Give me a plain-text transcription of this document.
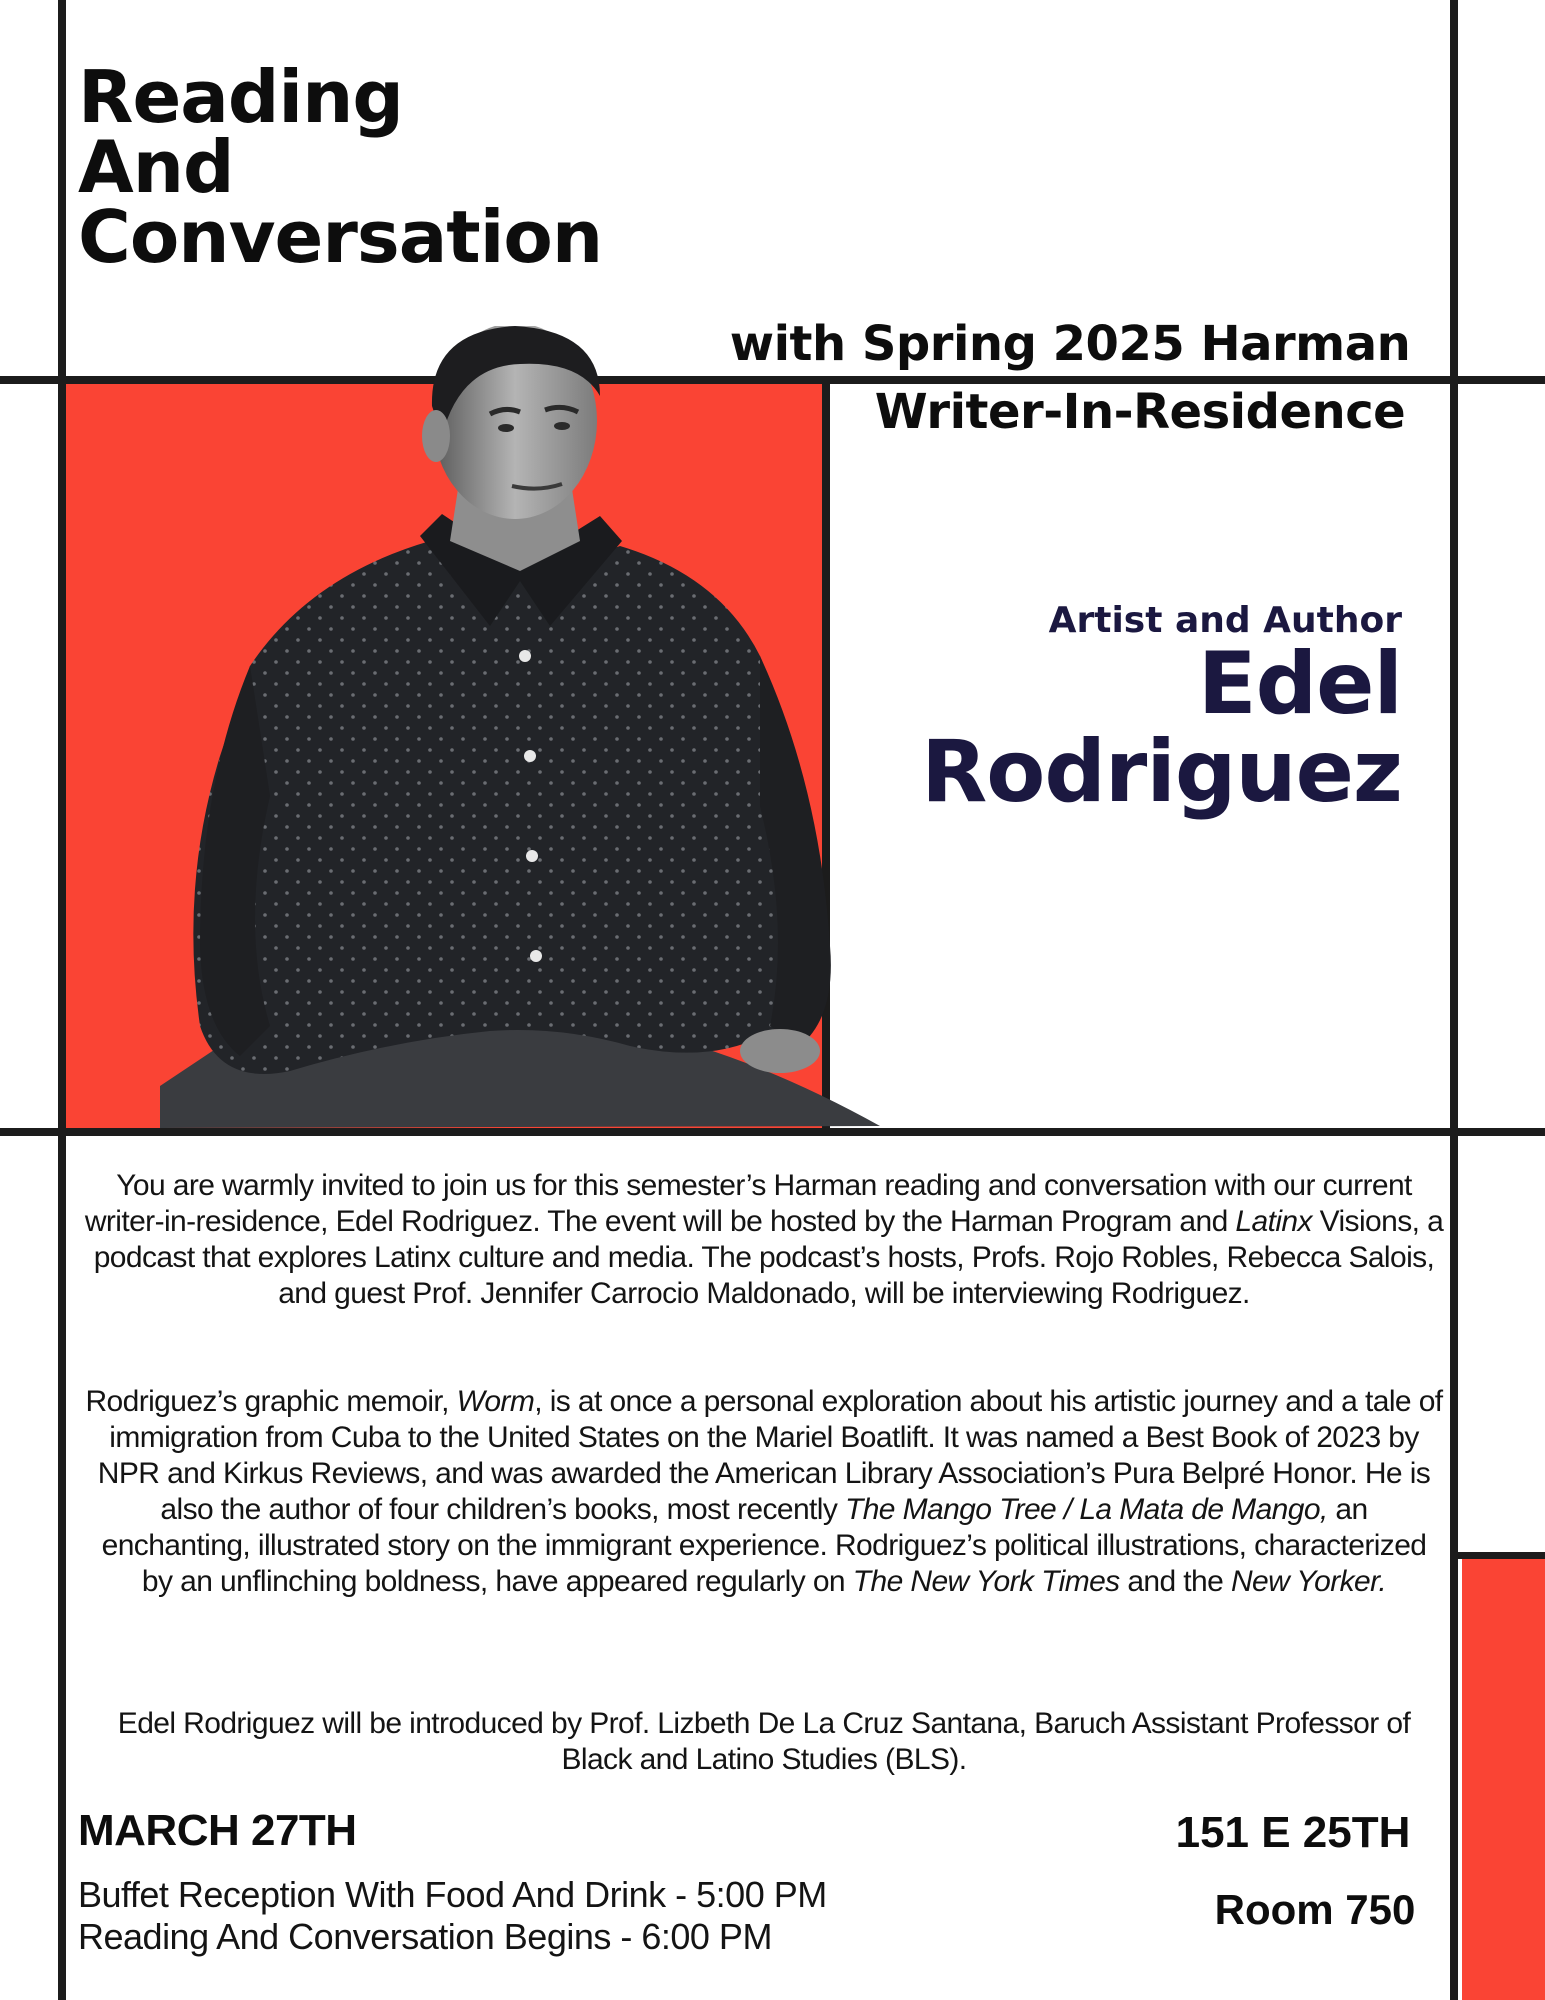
Reading
And
Conversation
with Spring 2025 Harman
Writer-In-Residence
Artist and Author
Edel
Rodriguez

You are warmly invited to join us for this semester’s Harman reading and conversation with our current writer-in-residence, Edel Rodriguez. The event will be hosted by the Harman Program and Latinx Visions, a podcast that explores Latinx culture and media. The podcast’s hosts, Profs. Rojo Robles, Rebecca Salois, and guest Prof. Jennifer Carrocio Maldonado, will be interviewing Rodriguez.

Rodriguez’s graphic memoir, Worm, is at once a personal exploration about his artistic journey and a tale of immigration from Cuba to the United States on the Mariel Boatlift. It was named a Best Book of 2023 by NPR and Kirkus Reviews, and was awarded the American Library Association’s Pura Belpré Honor. He is also the author of four children’s books, most recently The Mango Tree / La Mata de Mango, an enchanting, illustrated story on the immigrant experience. Rodriguez’s political illustrations, characterized by an unflinching boldness, have appeared regularly on The New York Times and the New Yorker.

Edel Rodriguez will be introduced by Prof. Lizbeth De La Cruz Santana, Baruch Assistant Professor of Black and Latino Studies (BLS).

MARCH 27TH
Buffet Reception With Food And Drink - 5:00 PM
Reading And Conversation Begins - 6:00 PM
151 E 25TH
Room 750
